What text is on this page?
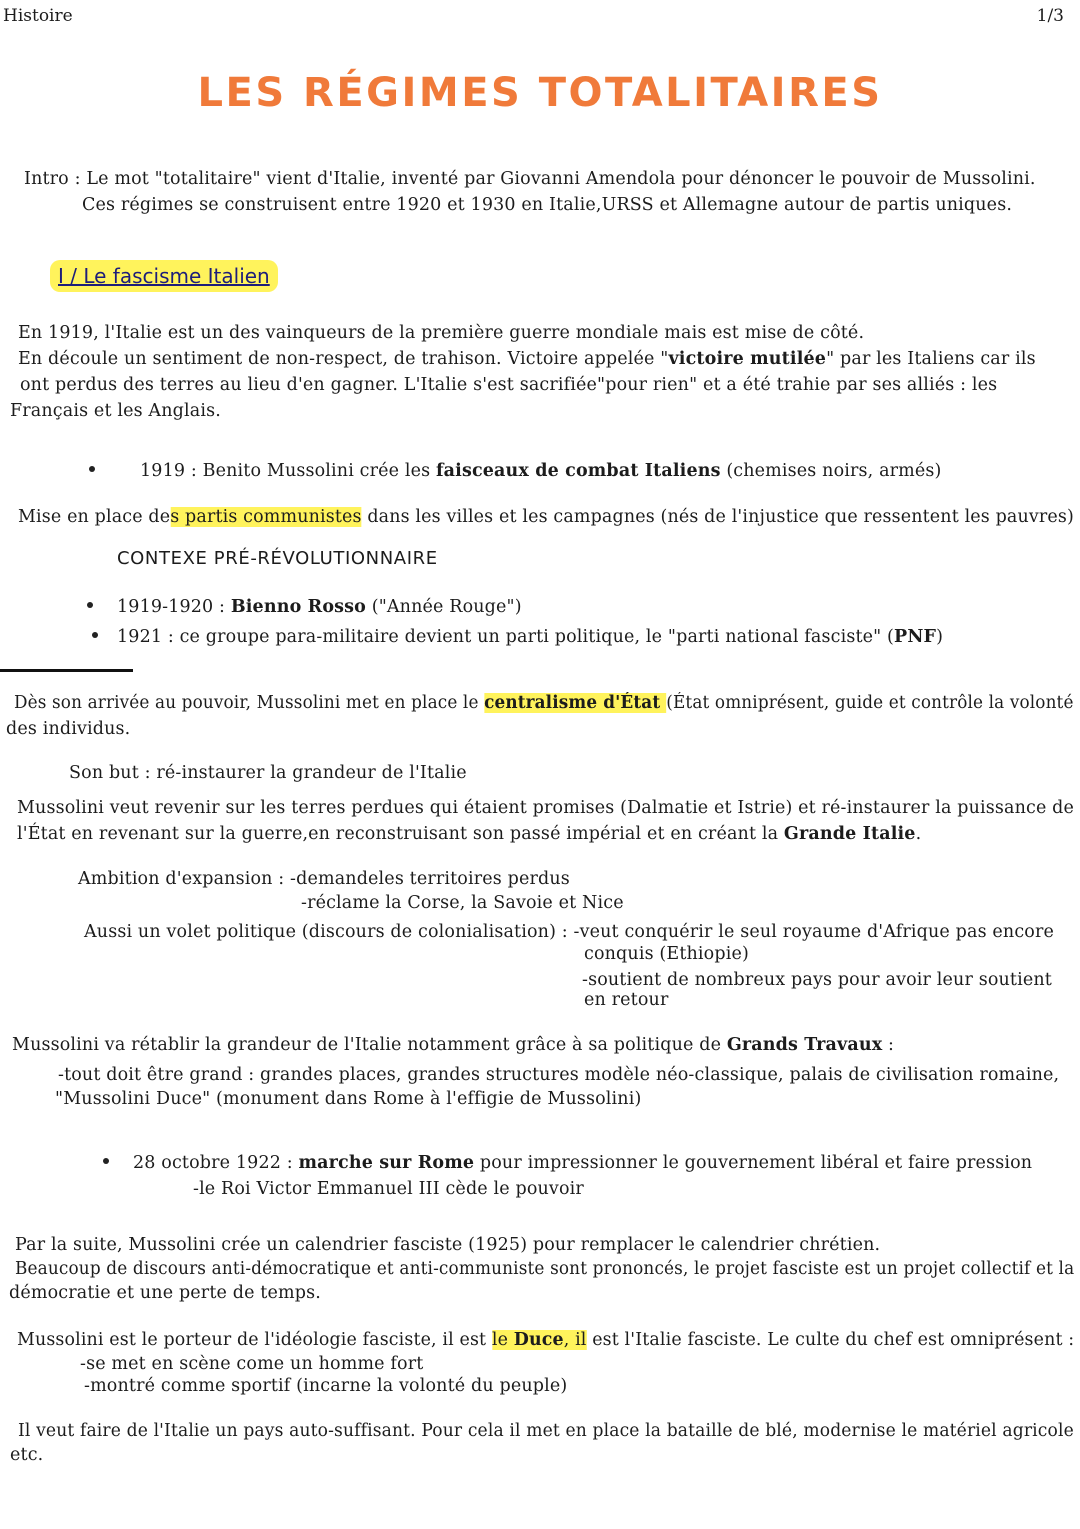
Histoire	1/3
LES RÉGIMES TOTALITAIRES
Intro : Le mot "totalitaire" vient d'Italie, inventé par Giovanni Amendola pour dénoncer le pouvoir de Mussolini.
Ces régimes se construisent entre 1920 et 1930 en Italie,URSS et Allemagne autour de partis uniques.
I / Le fascisme Italien
En 1919, l'Italie est un des vainqueurs de la première guerre mondiale mais est mise de côté.
En découle un sentiment de non-respect, de trahison. Victoire appelée "victoire mutilée" par les Italiens car ils
ont perdus des terres au lieu d'en gagner. L'Italie s'est sacrifiée"pour rien" et a été trahie par ses alliés : les
Français et les Anglais.
1919 : Benito Mussolini crée les faisceaux de combat Italiens (chemises noirs, armés)
Mise en place des partis communistes dans les villes et les campagnes (nés de l'injustice que ressentent les pauvres)
CONTEXE PRÉ-RÉVOLUTIONNAIRE
1919-1920 : Bienno Rosso ("Année Rouge")
1921 : ce groupe para-militaire devient un parti politique, le "parti national fasciste" (PNF)
Dès son arrivée au pouvoir, Mussolini met en place le centralisme d'État (État omniprésent, guide et contrôle la volonté
des individus.
Son but : ré-instaurer la grandeur de l'Italie
Mussolini veut revenir sur les terres perdues qui étaient promises (Dalmatie et Istrie) et ré-instaurer la puissance de
l'État en revenant sur la guerre,en reconstruisant son passé impérial et en créant la Grande Italie.
Ambition d'expansion : -demandeles territoires perdus
-réclame la Corse, la Savoie et Nice
Aussi un volet politique (discours de colonialisation) : -veut conquérir le seul royaume d'Afrique pas encore
conquis (Ethiopie)
-soutient de nombreux pays pour avoir leur soutient
en retour
Mussolini va rétablir la grandeur de l'Italie notamment grâce à sa politique de Grands Travaux :
-tout doit être grand : grandes places, grandes structures modèle néo-classique, palais de civilisation romaine,
"Mussolini Duce" (monument dans Rome à l'effigie de Mussolini)
28 octobre 1922 : marche sur Rome pour impressionner le gouvernement libéral et faire pression
-le Roi Victor Emmanuel III cède le pouvoir
Par la suite, Mussolini crée un calendrier fasciste (1925) pour remplacer le calendrier chrétien.
Beaucoup de discours anti-démocratique et anti-communiste sont prononcés, le projet fasciste est un projet collectif et la
démocratie et une perte de temps.
Mussolini est le porteur de l'idéologie fasciste, il est le Duce, il est l'Italie fasciste. Le culte du chef est omniprésent :
-se met en scène come un homme fort
-montré comme sportif (incarne la volonté du peuple)
Il veut faire de l'Italie un pays auto-suffisant. Pour cela il met en place la bataille de blé, modernise le matériel agricole
etc.
